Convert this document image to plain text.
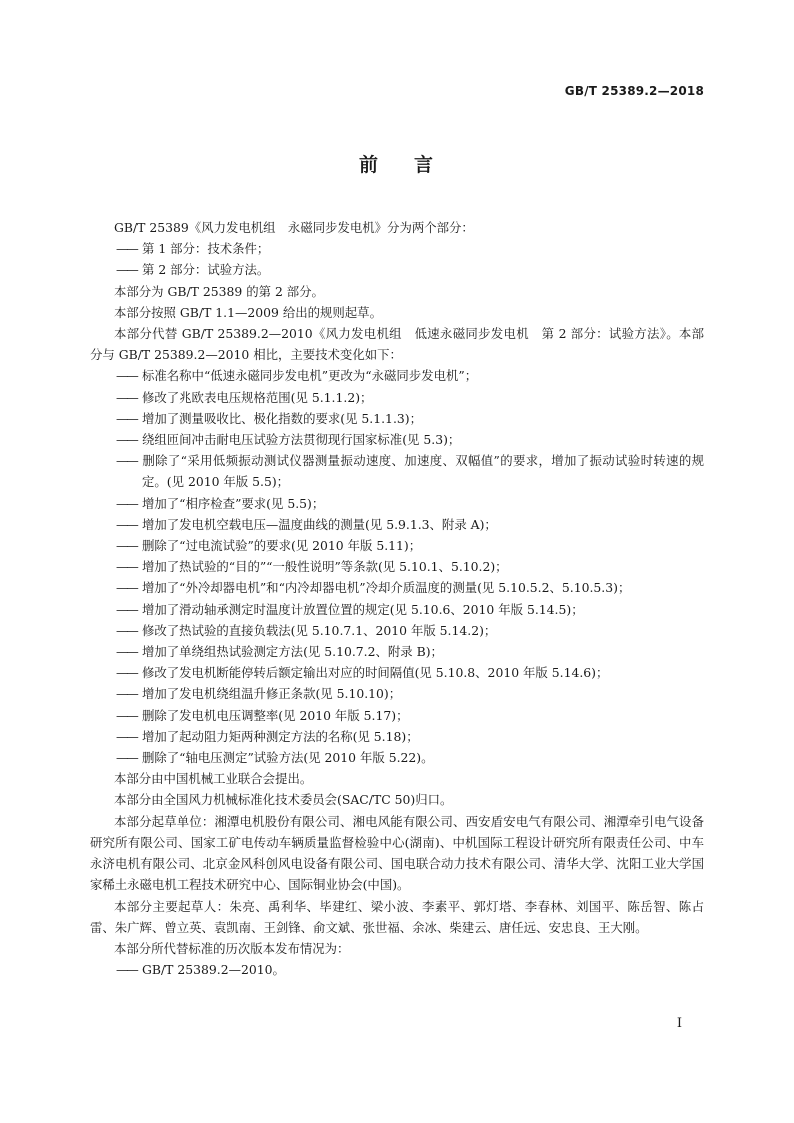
GB/T 25389.2—2018
前 言

GB/T 25389《风力发电机组　永磁同步发电机》分为两个部分：

—— 第 1 部分：技术条件；

—— 第 2 部分：试验方法。

本部分为 GB/T 25389 的第 2 部分。

本部分按照 GB/T 1.1—2009 给出的规则起草。

本部分代替 GB/T 25389.2—2010《风力发电机组　低速永磁同步发电机　第 2 部分：试验方法》。本部分与 GB/T 25389.2—2010 相比，主要技术变化如下：

—— 标准名称中“低速永磁同步发电机”更改为“永磁同步发电机”；

—— 修改了兆欧表电压规格范围(见 5.1.1.2)；

—— 增加了测量吸收比、极化指数的要求(见 5.1.1.3)；

—— 绕组匝间冲击耐电压试验方法贯彻现行国家标准(见 5.3)；

—— 删除了“采用低频振动测试仪器测量振动速度、加速度、双幅值”的要求，增加了振动试验时转速的规定。(见 2010 年版 5.5)；

—— 增加了“相序检查”要求(见 5.5)；

—— 增加了发电机空载电压—温度曲线的测量(见 5.9.1.3、附录 A)；

—— 删除了“过电流试验”的要求(见 2010 年版 5.11)；

—— 增加了热试验的“目的”“一般性说明”等条款(见 5.10.1、5.10.2)；

—— 增加了“外冷却器电机”和“内冷却器电机”冷却介质温度的测量(见 5.10.5.2、5.10.5.3)；

—— 增加了滑动轴承测定时温度计放置位置的规定(见 5.10.6、2010 年版 5.14.5)；

—— 修改了热试验的直接负载法(见 5.10.7.1、2010 年版 5.14.2)；

—— 增加了单绕组热试验测定方法(见 5.10.7.2、附录 B)；

—— 修改了发电机断能停转后额定输出对应的时间隔值(见 5.10.8、2010 年版 5.14.6)；

—— 增加了发电机绕组温升修正条款(见 5.10.10)；

—— 删除了发电机电压调整率(见 2010 年版 5.17)；

—— 增加了起动阻力矩两种测定方法的名称(见 5.18)；

—— 删除了“轴电压测定”试验方法(见 2010 年版 5.22)。

本部分由中国机械工业联合会提出。

本部分由全国风力机械标准化技术委员会(SAC/TC 50)归口。

本部分起草单位：湘潭电机股份有限公司、湘电风能有限公司、西安盾安电气有限公司、湘潭牵引电气设备研究所有限公司、国家工矿电传动车辆质量监督检验中心(湖南)、中机国际工程设计研究所有限责任公司、中车永济电机有限公司、北京金风科创风电设备有限公司、国电联合动力技术有限公司、清华大学、沈阳工业大学国家稀土永磁电机工程技术研究中心、国际铜业协会(中国)。

本部分主要起草人：朱亮、禹利华、毕建红、梁小波、李素平、郭灯塔、李春林、刘国平、陈岳智、陈占雷、朱广辉、曾立英、袁凯南、王剑锋、俞文斌、张世福、余冰、柴建云、唐任远、安忠良、王大刚。

本部分所代替标准的历次版本发布情况为：

—— GB/T 25389.2—2010。

I
